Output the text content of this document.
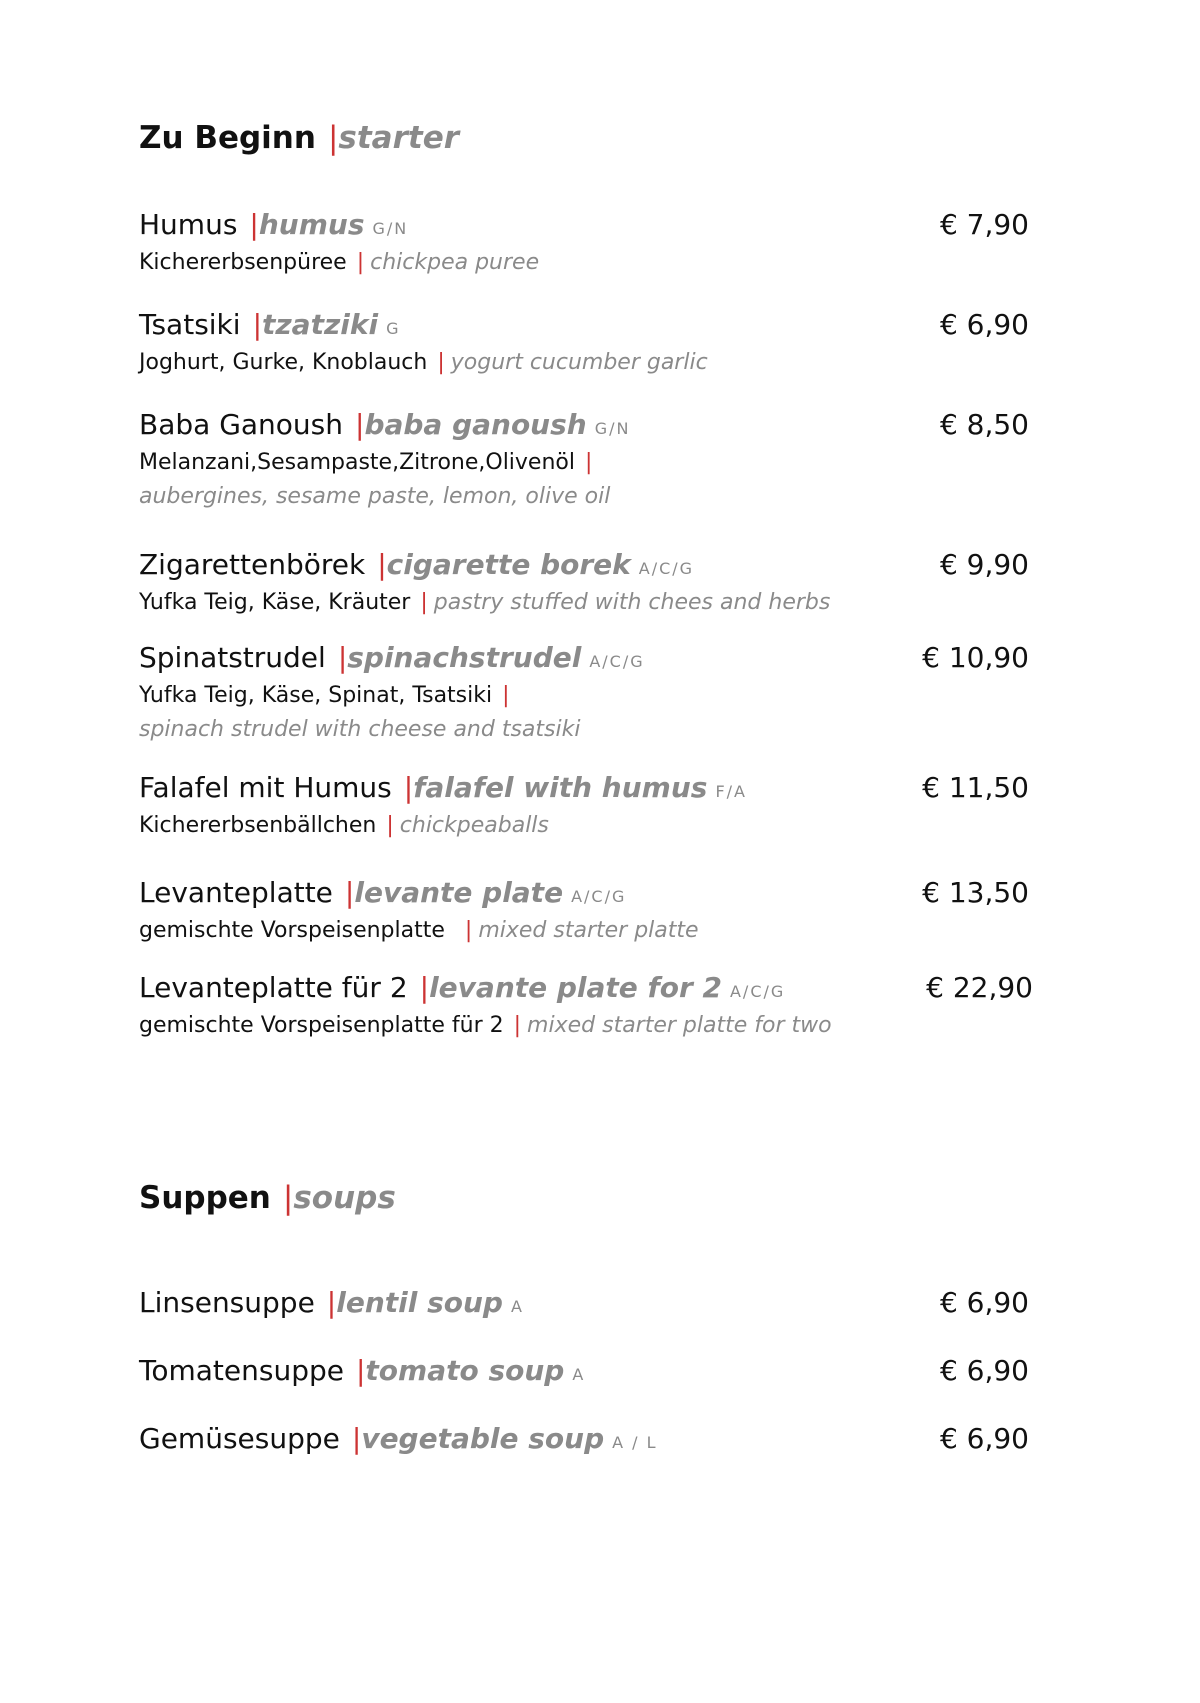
Zu Beginn |starter
Humus |humus G/N	€ 7,90
Kichererbsenpüree | chickpea puree
Tsatsiki |tzatziki G	€ 6,90
Joghurt, Gurke, Knoblauch | yogurt cucumber garlic
Baba Ganoush |baba ganoush G/N	€ 8,50
Melanzani,Sesampaste,Zitrone,Olivenöl |
aubergines, sesame paste, lemon, olive oil
Zigarettenbörek |cigarette borek A/C/G	€ 9,90
Yufka Teig, Käse, Kräuter | pastry stuffed with chees and herbs
Spinatstrudel |spinachstrudel A/C/G	€ 10,90
Yufka Teig, Käse, Spinat, Tsatsiki |
spinach strudel with cheese and tsatsiki
Falafel mit Humus |falafel with humus F/A	€ 11,50
Kichererbsenbällchen | chickpeaballs
Levanteplatte |levante plate A/C/G	€ 13,50
gemischte Vorspeisenplatte | mixed starter platte
Levanteplatte für 2 |levante plate for 2 A/C/G	€ 22,90
gemischte Vorspeisenplatte für 2 | mixed starter platte for two
Suppen |soups
Linsensuppe |lentil soup A	€ 6,90
Tomatensuppe |tomato soup A	€ 6,90
Gemüsesuppe |vegetable soup A / L	€ 6,90
